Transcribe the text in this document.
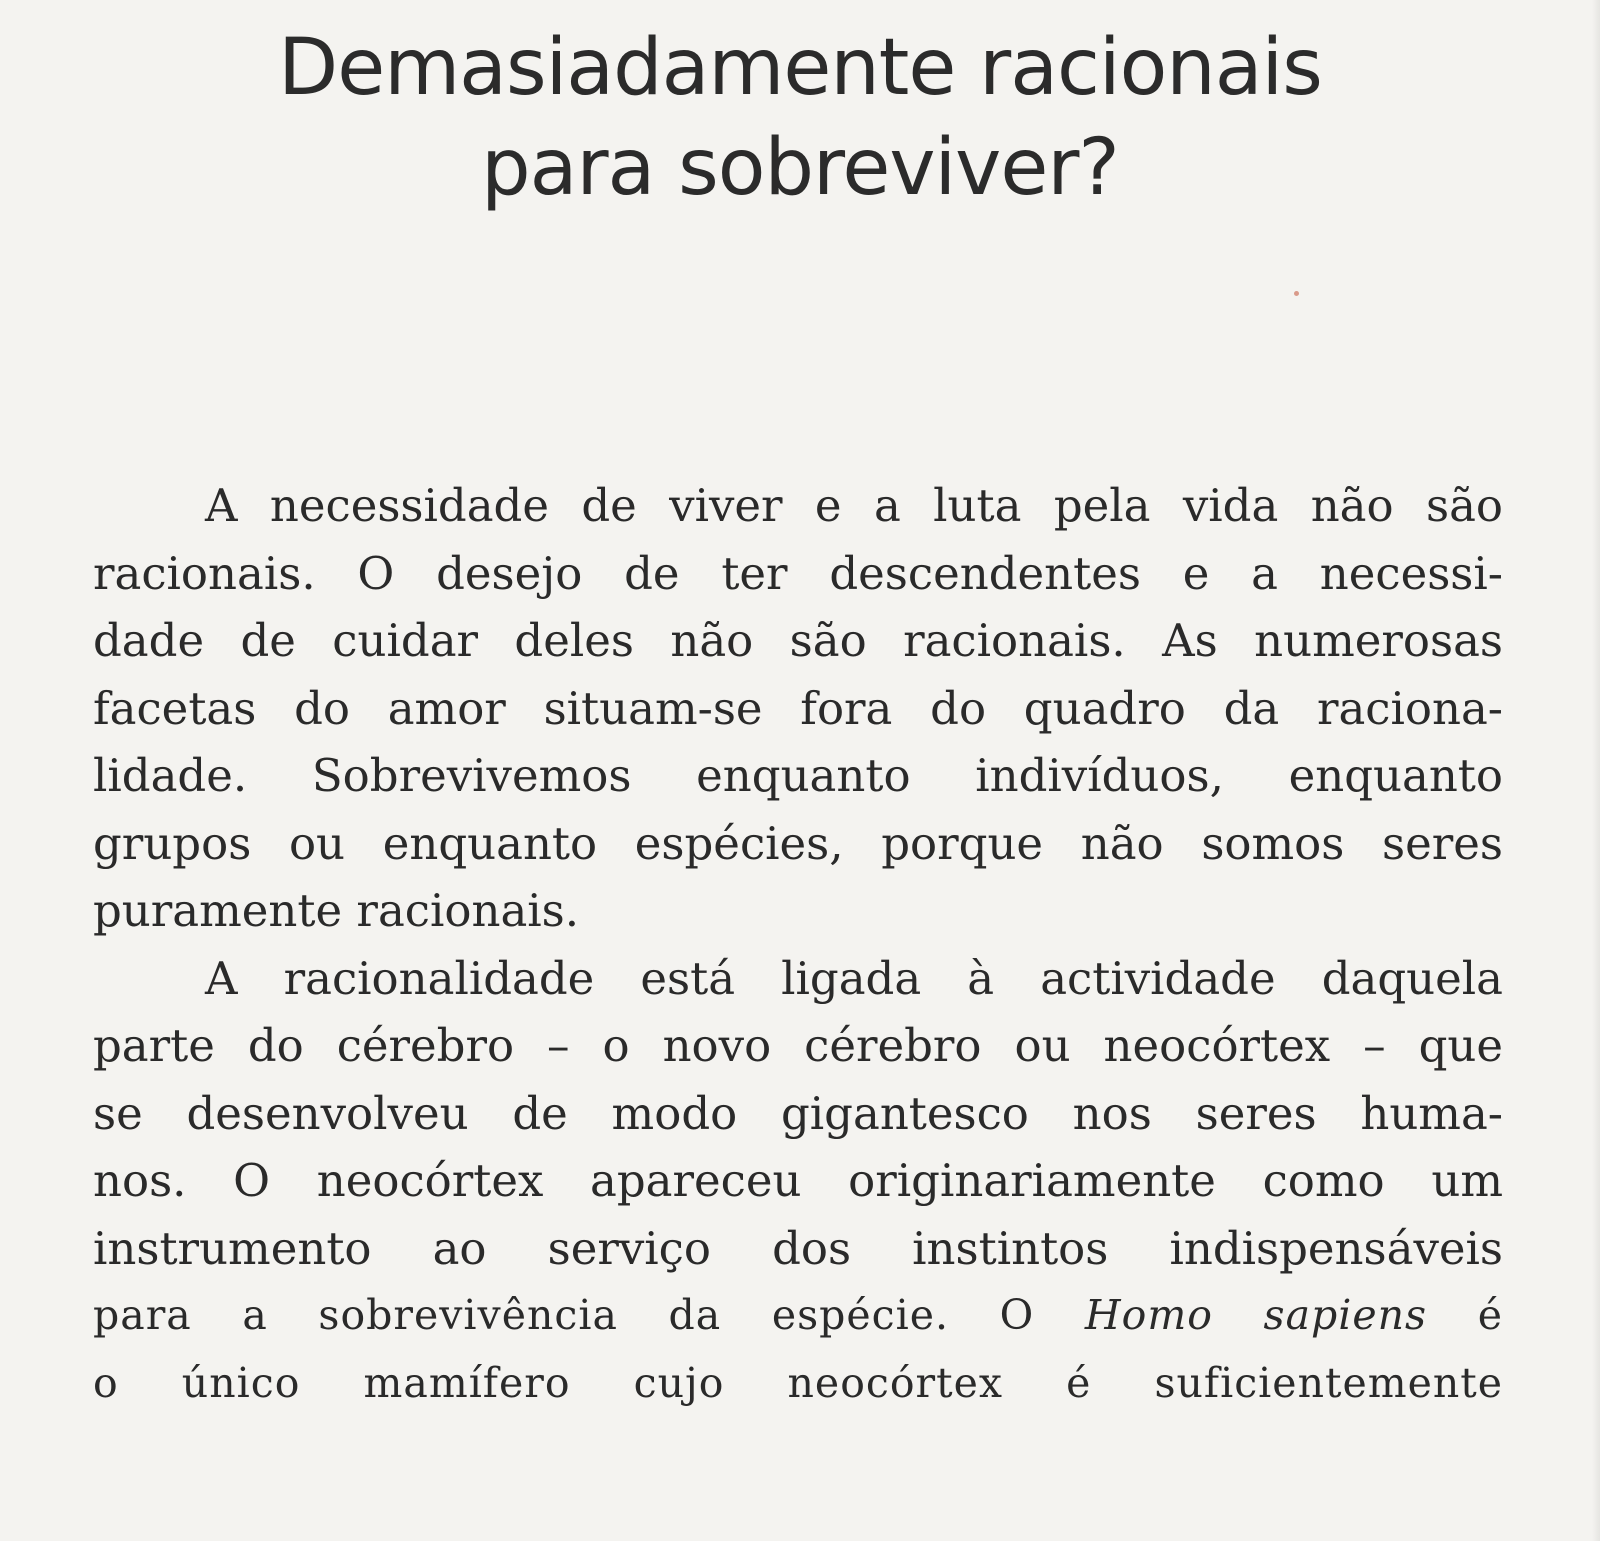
Demasiadamente racionais
para sobreviver?
A necessidade de viver e a luta pela vida não são
racionais. O desejo de ter descendentes e a necessi-
dade de cuidar deles não são racionais. As numerosas
facetas do amor situam-se fora do quadro da raciona-
lidade. Sobrevivemos enquanto indivíduos, enquanto
grupos ou enquanto espécies, porque não somos seres
puramente racionais.
A racionalidade está ligada à actividade daquela
parte do cérebro – o novo cérebro ou neocórtex – que
se desenvolveu de modo gigantesco nos seres huma-
nos. O neocórtex apareceu originariamente como um
instrumento ao serviço dos instintos indispensáveis
para a sobrevivência da espécie. O Homo sapiens é
o único mamífero cujo neocórtex é suficientemente
